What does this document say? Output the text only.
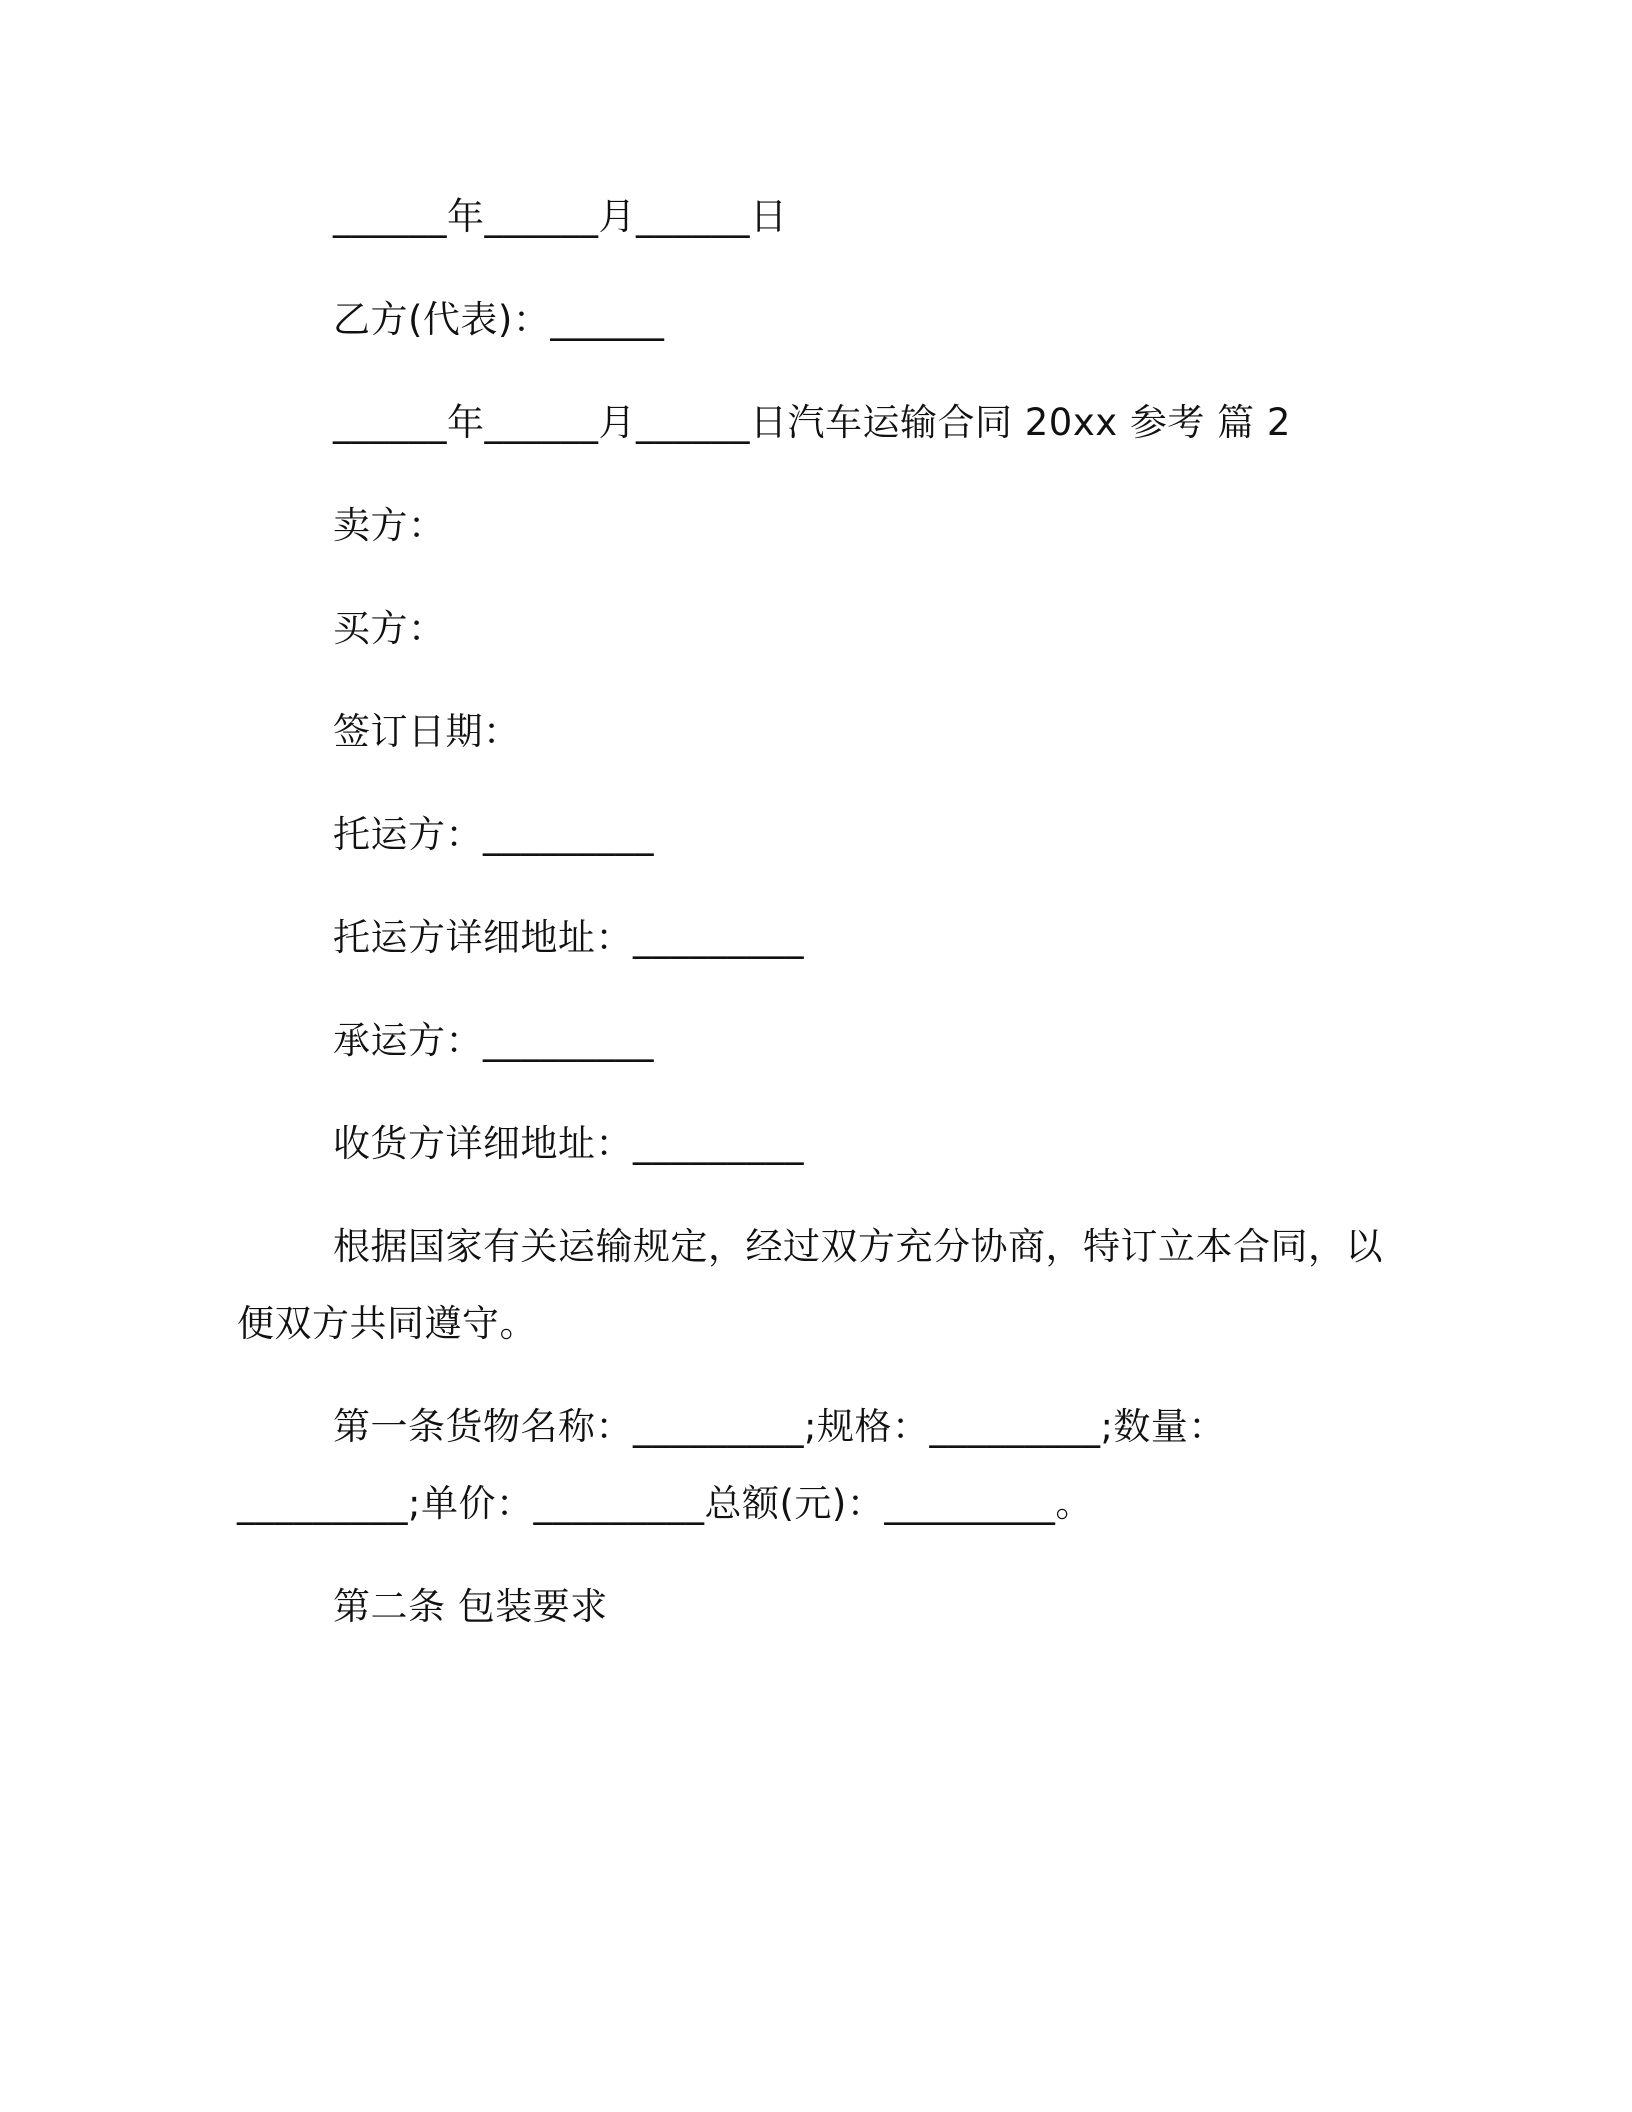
______年______月______日
乙方(代表)：______
______年______月______日汽车运输合同 20xx 参考 篇 2
卖方：
买方：
签订日期：
托运方：_________
托运方详细地址：_________
承运方：_________
收货方详细地址：_________
根据国家有关运输规定，经过双方充分协商，特订立本合同，以
便双方共同遵守。
第一条货物名称：_________;规格：_________;数量：
_________;单价：_________总额(元)：_________。
第二条 包装要求
